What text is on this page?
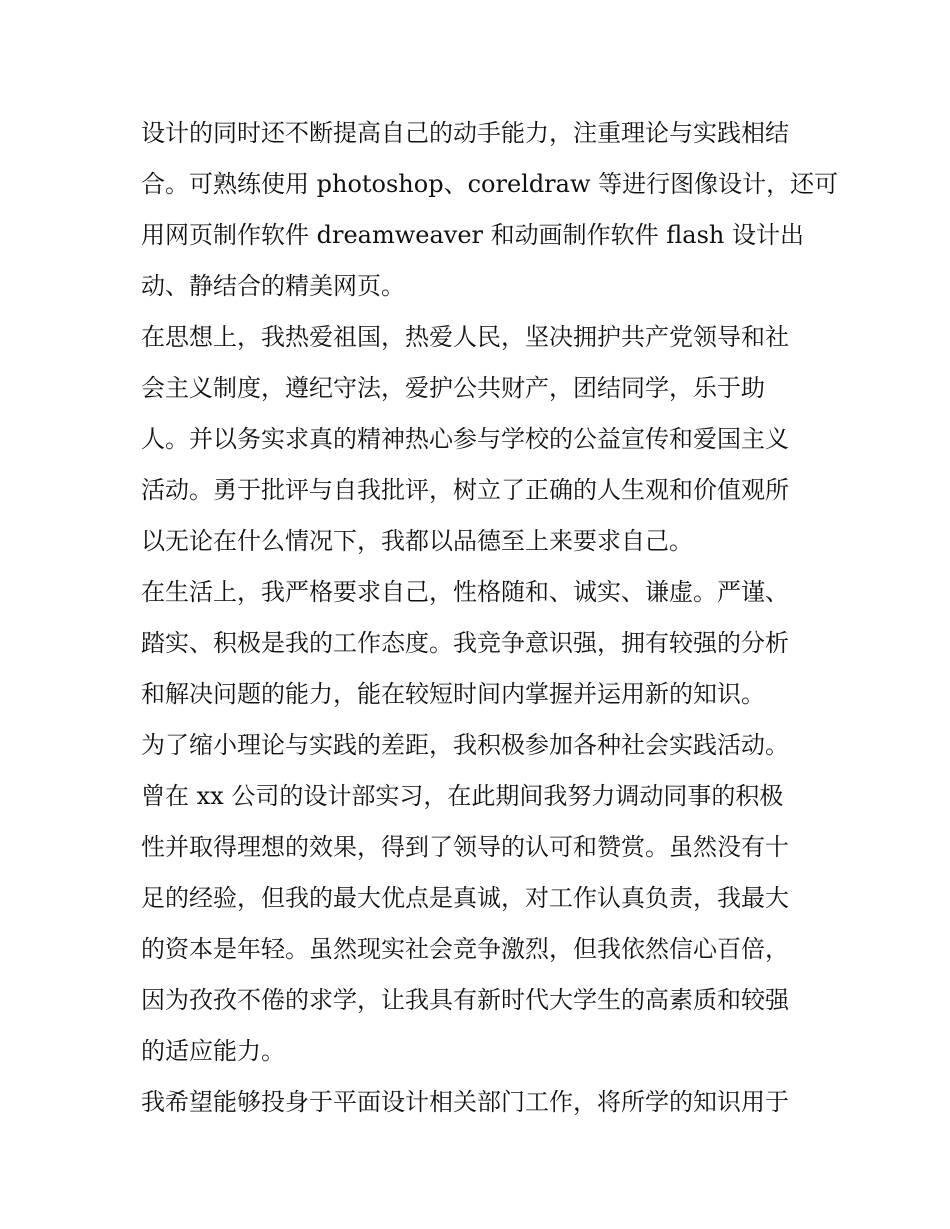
设计的同时还不断提高自己的动手能力，注重理论与实践相结
合。可熟练使用 photoshop、coreldraw 等进行图像设计，还可
用网页制作软件 dreamweaver 和动画制作软件 flash 设计出
动、静结合的精美网页。
在思想上，我热爱祖国，热爱人民，坚决拥护共产党领导和社
会主义制度，遵纪守法，爱护公共财产，团结同学，乐于助
人。并以务实求真的精神热心参与学校的公益宣传和爱国主义
活动。勇于批评与自我批评，树立了正确的人生观和价值观所
以无论在什么情况下，我都以品德至上来要求自己。
在生活上，我严格要求自己，性格随和、诚实、谦虚。严谨、
踏实、积极是我的工作态度。我竞争意识强，拥有较强的分析
和解决问题的能力，能在较短时间内掌握并运用新的知识。
为了缩小理论与实践的差距，我积极参加各种社会实践活动。
曾在 xx 公司的设计部实习，在此期间我努力调动同事的积极
性并取得理想的效果，得到了领导的认可和赞赏。虽然没有十
足的经验，但我的最大优点是真诚，对工作认真负责，我最大
的资本是年轻。虽然现实社会竞争激烈，但我依然信心百倍，
因为孜孜不倦的求学，让我具有新时代大学生的高素质和较强
的适应能力。
我希望能够投身于平面设计相关部门工作，将所学的知识用于
